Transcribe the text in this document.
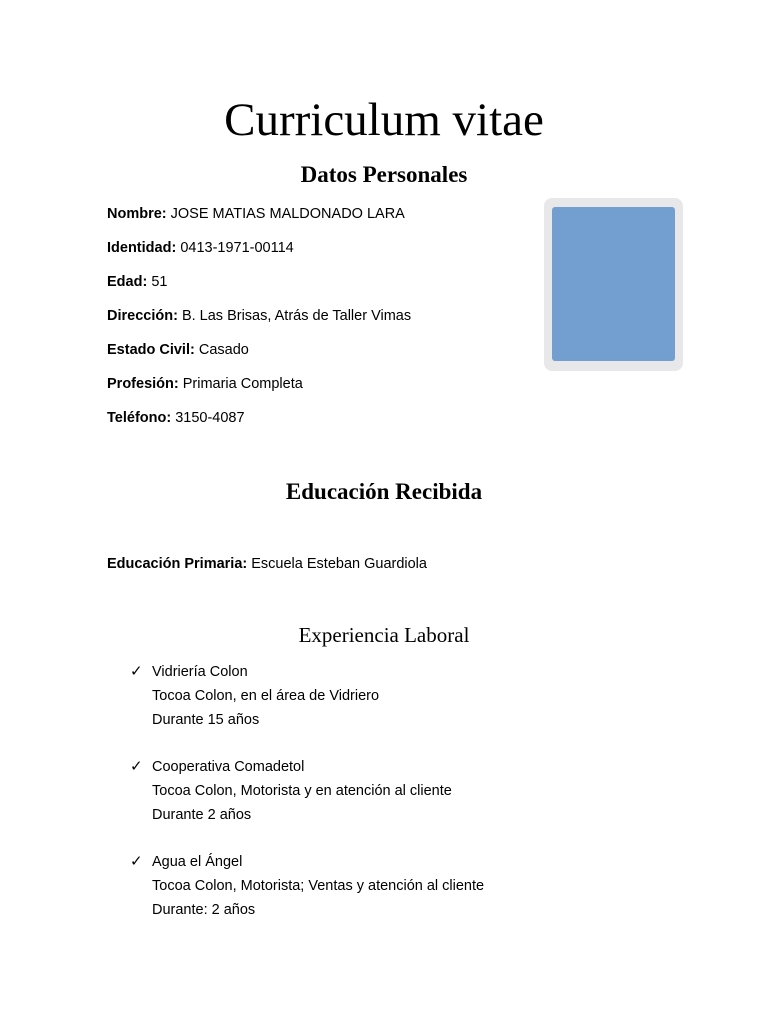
Curriculum vitae
Datos Personales
Nombre: JOSE MATIAS MALDONADO LARA
Identidad: 0413-1971-00114
Edad: 51
Dirección: B. Las Brisas, Atrás de Taller Vimas
Estado Civil: Casado
Profesión: Primaria Completa
Teléfono: 3150-4087
Educación Recibida
Educación Primaria: Escuela Esteban Guardiola
Experiencia Laboral
✓ Vidriería Colon
Tocoa Colon, en el área de Vidriero
Durante 15 años
✓ Cooperativa Comadetol
Tocoa Colon, Motorista y en atención al cliente
Durante 2 años
✓ Agua el Ángel
Tocoa Colon, Motorista; Ventas y atención al cliente
Durante: 2 años
